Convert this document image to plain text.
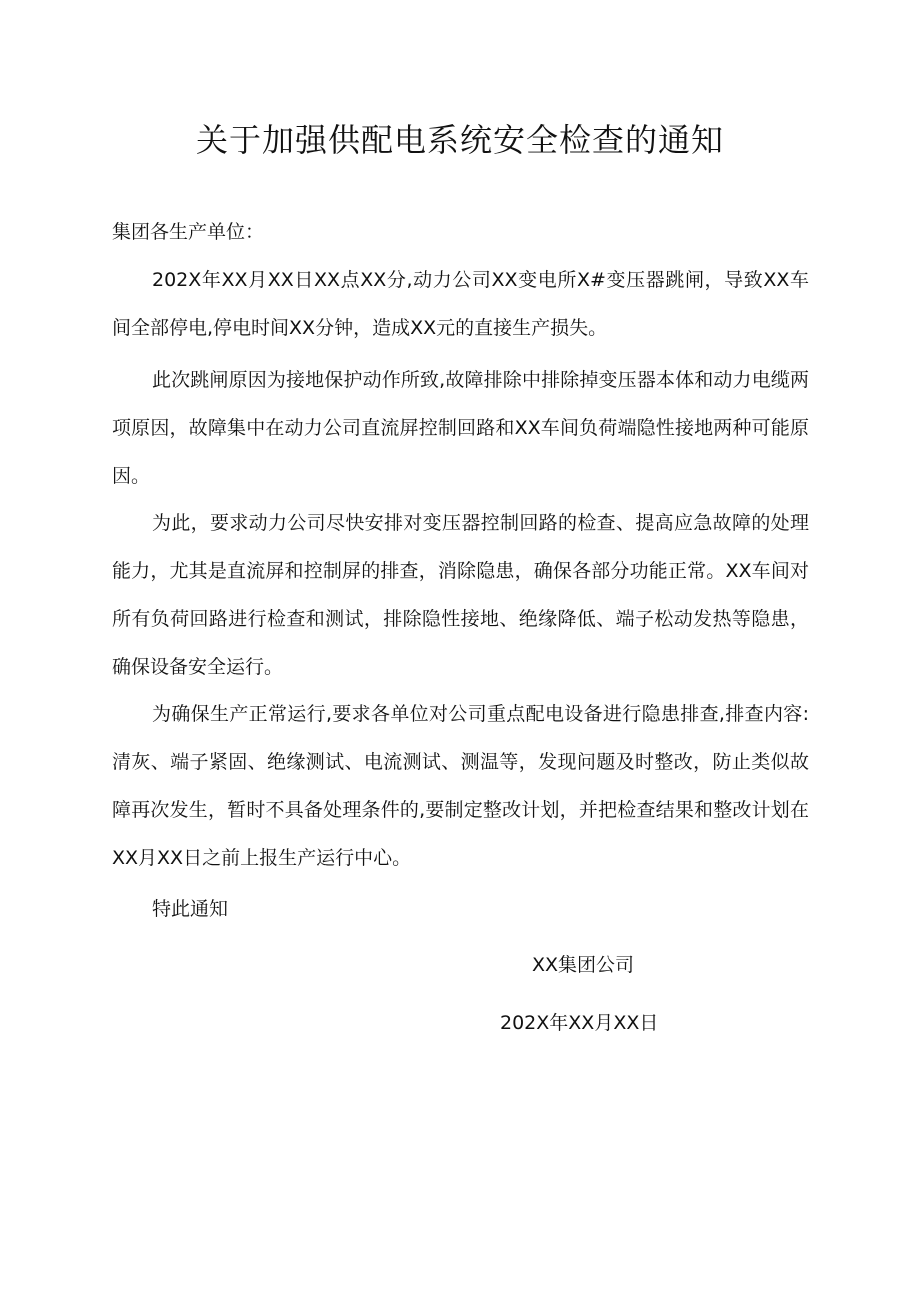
关于加强供配电系统安全检查的通知

集团各生产单位：

202X年XX月XX日XX点XX分,动力公司XX变电所X#变压器跳闸，导致XX车间全部停电,停电时间XX分钟，造成XX元的直接生产损失。

此次跳闸原因为接地保护动作所致,故障排除中排除掉变压器本体和动力电缆两项原因，故障集中在动力公司直流屏控制回路和XX车间负荷端隐性接地两种可能原因。

为此，要求动力公司尽快安排对变压器控制回路的检查、提高应急故障的处理能力，尤其是直流屏和控制屏的排查，消除隐患，确保各部分功能正常。XX车间对所有负荷回路进行检查和测试，排除隐性接地、绝缘降低、端子松动发热等隐患，确保设备安全运行。

为确保生产正常运行,要求各单位对公司重点配电设备进行隐患排查,排查内容:清灰、端子紧固、绝缘测试、电流测试、测温等，发现问题及时整改，防止类似故障再次发生，暂时不具备处理条件的,要制定整改计划，并把检查结果和整改计划在XX月XX日之前上报生产运行中心。

特此通知

XX集团公司

202X年XX月XX日
